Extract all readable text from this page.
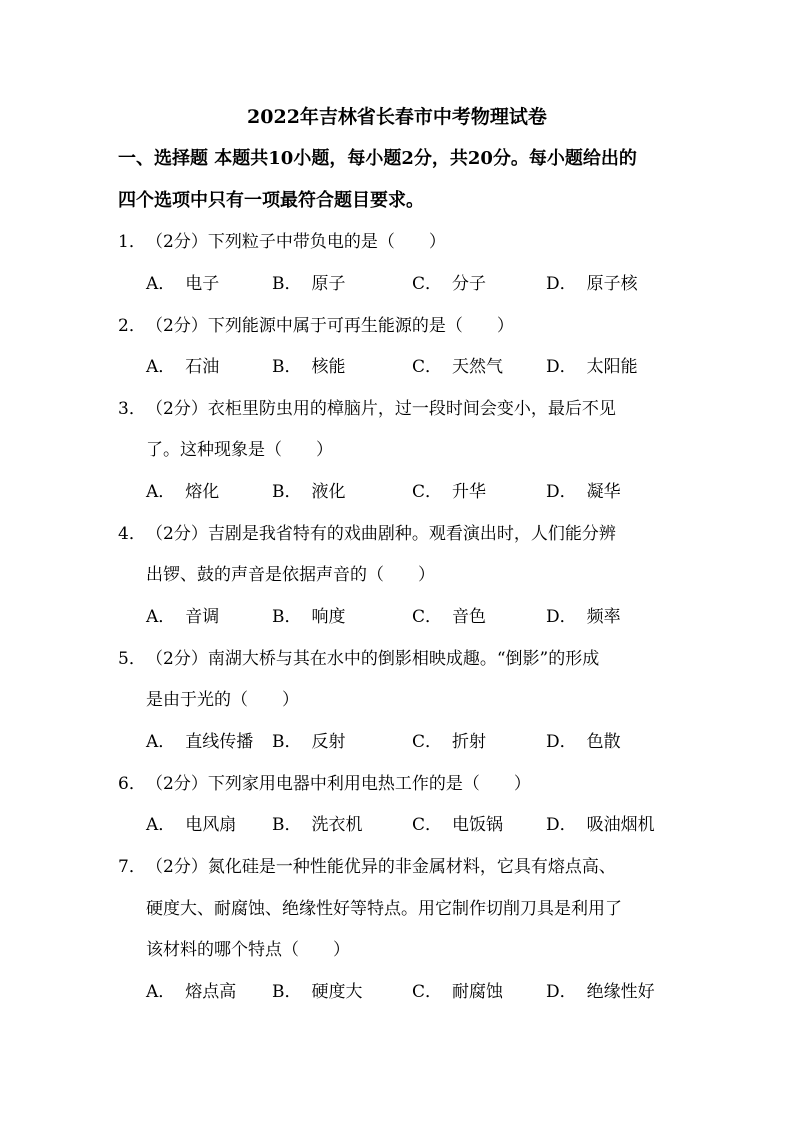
2022年吉林省长春市中考物理试卷
一、选择题 本题共10小题，每小题2分，共20分。每小题给出的
四个选项中只有一项最符合题目要求。
1．（2分）下列粒子中带负电的是（　　）
A． 电子	B． 原子	C． 分子	D． 原子核
2．（2分）下列能源中属于可再生能源的是（　　）
A． 石油	B． 核能	C． 天然气	D． 太阳能
3．（2分）衣柜里防虫用的樟脑片，过一段时间会变小，最后不见
了。这种现象是（　　）
A． 熔化	B． 液化	C． 升华	D． 凝华
4．（2分）吉剧是我省特有的戏曲剧种。观看演出时，人们能分辨
出锣、鼓的声音是依据声音的（　　）
A． 音调	B． 响度	C． 音色	D． 频率
5．（2分）南湖大桥与其在水中的倒影相映成趣。“倒影”的形成
是由于光的（　　）
A． 直线传播 B． 反射	C． 折射	D． 色散
6．（2分）下列家用电器中利用电热工作的是（　　）
A． 电风扇 B． 洗衣机	C． 电饭锅	D． 吸油烟机
7．（2分）氮化硅是一种性能优异的非金属材料，它具有熔点高、
硬度大、耐腐蚀、绝缘性好等特点。用它制作切削刀具是利用了
该材料的哪个特点（　　）
A． 熔点高 B． 硬度大	C． 耐腐蚀	D． 绝缘性好
